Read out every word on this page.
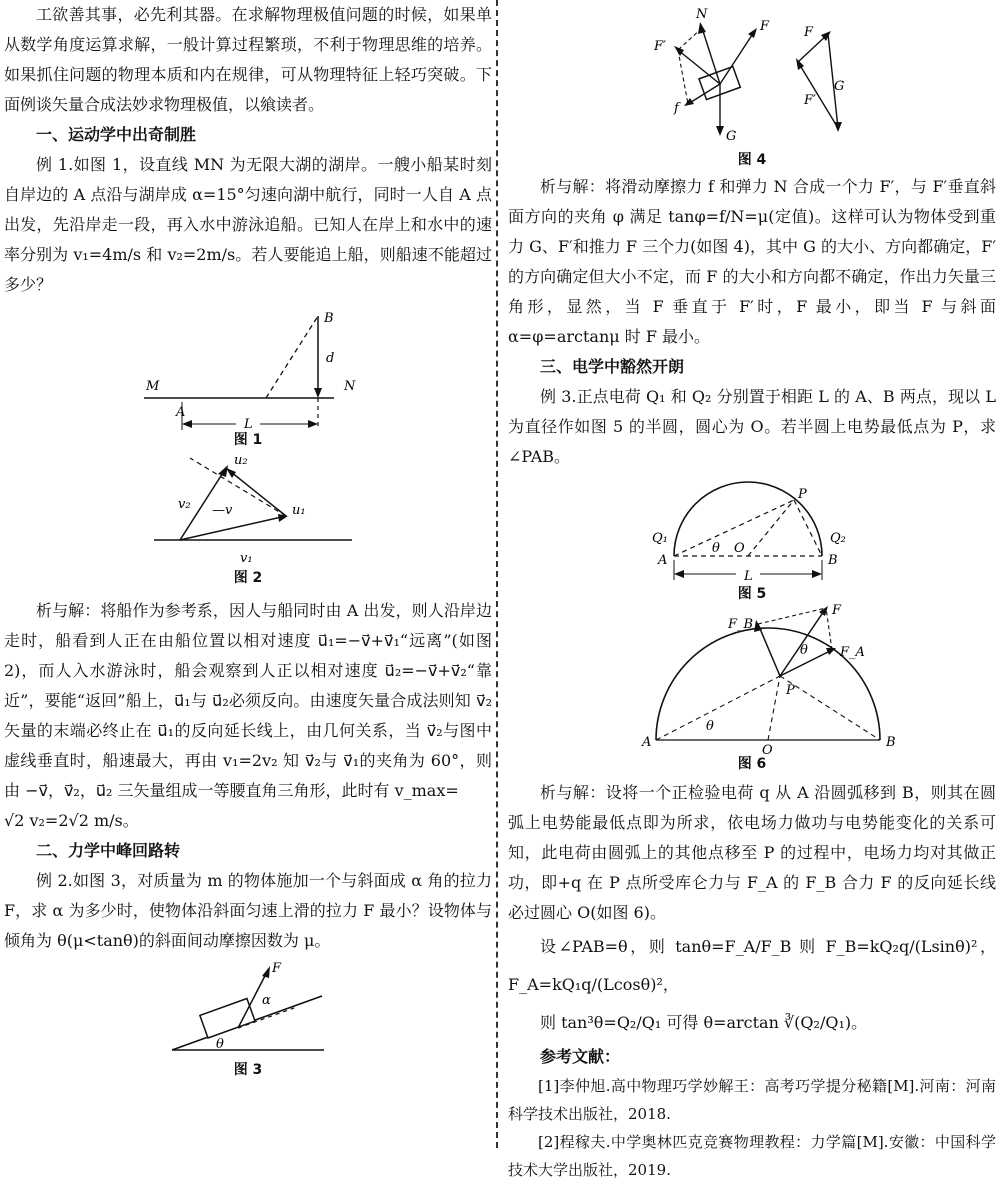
工欲善其事，必先利其器。在求解物理极值问题的时候，如果单从数学角度运算求解，一般计算过程繁琐，不利于物理思维的培养。如果抓住问题的物理本质和内在规律，可从物理特征上轻巧突破。下面例谈矢量合成法妙求物理极值，以飨读者。

一、运动学中出奇制胜

例 1.如图 1，设直线 MN 为无限大湖的湖岸。一艘小船某时刻自岸边的 A 点沿与湖岸成 α=15°匀速向湖中航行，同时一人自 A 点出发，先沿岸走一段，再入水中游泳追船。已知人在岸上和水中的速率分别为 v₁=4m/s 和 v₂=2m/s。若人要能追上船，则船速不能超过多少？

B
d
M	N
A
L
图 1
u₂
u₁
v₂ —v
v₁
图 2

析与解：将船作为参考系，因人与船同时由 A 出发，则人沿岸边走时，船看到人正在由船位置以相对速度 u⃗₁=−v⃗+v⃗₁“远离”(如图 2)，而人入水游泳时，船会观察到人正以相对速度 u⃗₂=−v⃗+v⃗₂“靠近”，要能“返回”船上，u⃗₁与 u⃗₂必须反向。由速度矢量合成法则知 v⃗₂矢量的末端必终止在 u⃗₁的反向延长线上，由几何关系，当 v⃗₂与图中虚线垂直时，船速最大，再由 v₁=2v₂ 知 v⃗₂与 v⃗₁的夹角为 60°，则由 −v⃗，v⃗₂，u⃗₂ 三矢量组成一等腰直角三角形，此时有 v_max=

√2 v₂=2√2 m/s。

二、力学中峰回路转

例 2.如图 3，对质量为 m 的物体施加一个与斜面成 α 角的拉力 F，求 α 为多少时，使物体沿斜面匀速上滑的拉力 F 最小？设物体与倾角为 θ(μ<tanθ)的斜面间动摩擦因数为 μ。

F
α
θ
图 3
N
F
F′
f
G
F
G
F′
图 4

析与解：将滑动摩擦力 f 和弹力 N 合成一个力 F′，与 F′垂直斜面方向的夹角 φ 满足 tanφ=f/N=μ(定值)。这样可认为物体受到重力 G、F′和推力 F 三个力(如图 4)，其中 G 的大小、方向都确定，F′的方向确定但大小不定，而 F 的大小和方向都不确定，作出力矢量三角形，显然，当 F 垂直于 F′时，F 最小，即当 F 与斜面 α=φ=arctanμ 时 F 最小。

三、电学中豁然开朗

例 3.正点电荷 Q₁ 和 Q₂ 分别置于相距 L 的 A、B 两点，现以 L 为直径作如图 5 的半圆，圆心为 O。若半圆上电势最低点为 P，求∠PAB。

P
Q₁	Q₂
A	B
θ O
L
图 5
F
F_B
F_A
θ
P
θ
A
O
B
图 6

析与解：设将一个正检验电荷 q 从 A 沿圆弧移到 B，则其在圆弧上电势能最低点即为所求，依电场力做功与电势能变化的关系可知，此电荷由圆弧上的其他点移至 P 的过程中，电场力均对其做正功，即+q 在 P 点所受库仑力与 F_A 的 F_B 合力 F 的反向延长线必过圆心 O(如图 6)。

设∠PAB=θ，则 tanθ=F_A/F_B 则 F_B=kQ₂q/(Lsinθ)²，F_A=kQ₁q/(Lcosθ)²，

则 tan³θ=Q₂/Q₁ 可得 θ=arctan ∛(Q₂/Q₁)。

参考文献：

[1]李仲旭.高中物理巧学妙解王：高考巧学提分秘籍[M].河南：河南科学技术出版社，2018.

[2]程稼夫.中学奥林匹克竞赛物理教程：力学篇[M].安徽：中国科学技术大学出版社，2019.
